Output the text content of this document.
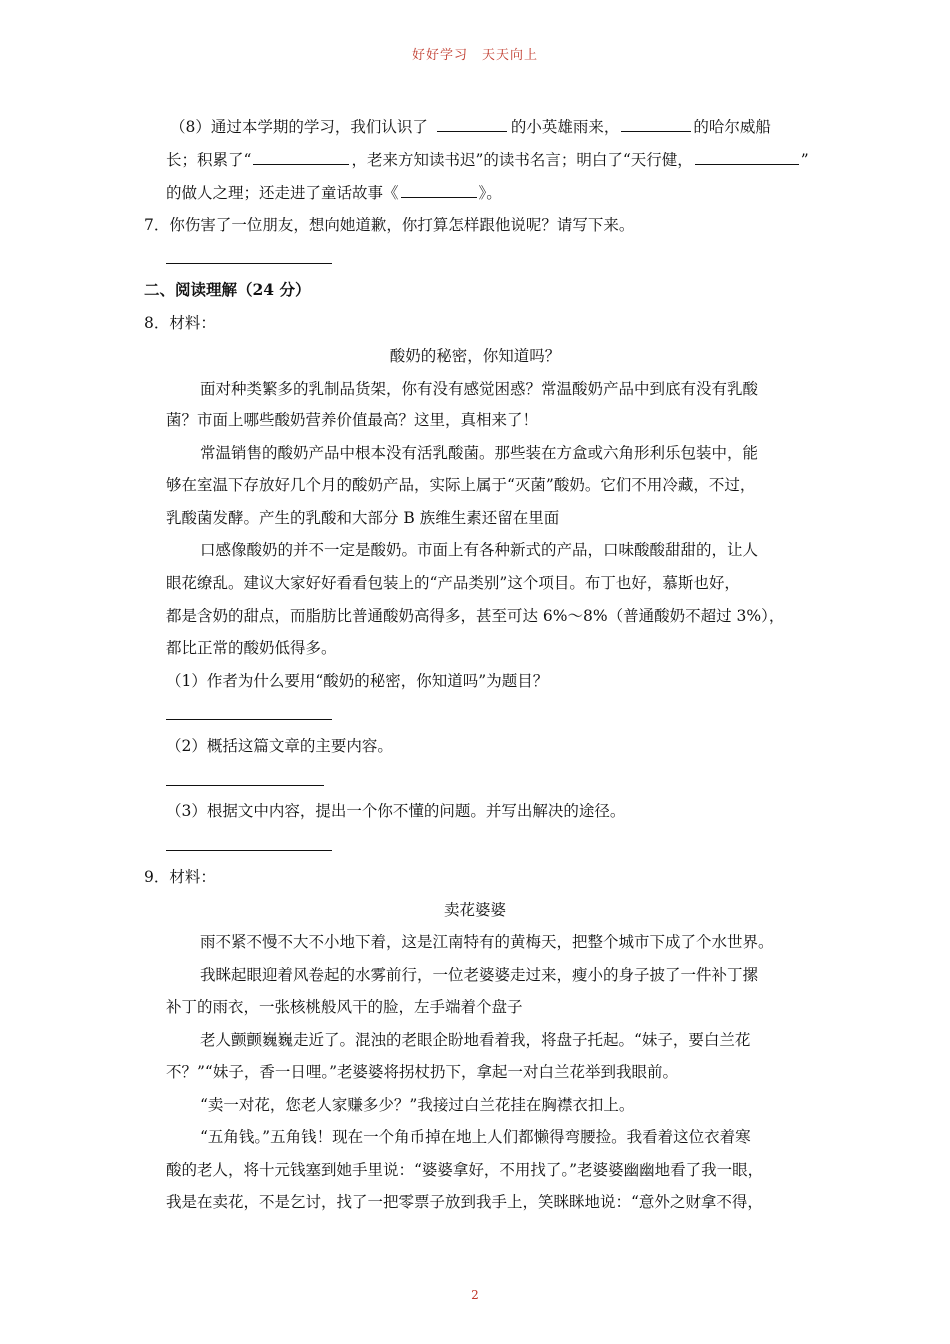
好好学习 天天向上
（8）通过本学期的学习，我们认识了	的小英雄雨来，	的哈尔威船
长；积累了“	，老来方知读书迟”的读书名言；明白了“天行健，	”
的做人之理；还走进了童话故事《	》。
7．你伤害了一位朋友，想向她道歉，你打算怎样跟他说呢？请写下来。
二、阅读理解（24 分）
8．材料：
酸奶的秘密，你知道吗？
面对种类繁多的乳制品货架，你有没有感觉困惑？常温酸奶产品中到底有没有乳酸
菌？市面上哪些酸奶营养价值最高？这里，真相来了！
常温销售的酸奶产品中根本没有活乳酸菌。那些装在方盒或六角形利乐包装中，能
够在室温下存放好几个月的酸奶产品，实际上属于“灭菌”酸奶。它们不用冷藏，不过，
乳酸菌发酵。产生的乳酸和大部分 B 族维生素还留在里面
口感像酸奶的并不一定是酸奶。市面上有各种新式的产品，口味酸酸甜甜的，让人
眼花缭乱。建议大家好好看看包装上的“产品类别”这个项目。布丁也好，慕斯也好，
都是含奶的甜点，而脂肪比普通酸奶高得多，甚至可达 6%～8%（普通酸奶不超过 3%），
都比正常的酸奶低得多。
（1）作者为什么要用“酸奶的秘密，你知道吗”为题目？
（2）概括这篇文章的主要内容。
（3）根据文中内容，提出一个你不懂的问题。并写出解决的途径。
9．材料：
卖花婆婆
雨不紧不慢不大不小地下着，这是江南特有的黄梅天，把整个城市下成了个水世界。
我眯起眼迎着风卷起的水雾前行，一位老婆婆走过来，瘦小的身子披了一件补丁摞
补丁的雨衣，一张核桃般风干的脸，左手端着个盘子
老人颤颤巍巍走近了。混浊的老眼企盼地看着我，将盘子托起。“妹子，要白兰花
不？”“妹子，香一日哩。”老婆婆将拐杖扔下，拿起一对白兰花举到我眼前。
“卖一对花，您老人家赚多少？”我接过白兰花挂在胸襟衣扣上。
“五角钱。”五角钱！现在一个角币掉在地上人们都懒得弯腰捡。我看着这位衣着寒
酸的老人，将十元钱塞到她手里说：“婆婆拿好，不用找了。”老婆婆幽幽地看了我一眼，
我是在卖花，不是乞讨，找了一把零票子放到我手上，笑眯眯地说：“意外之财拿不得，
2
